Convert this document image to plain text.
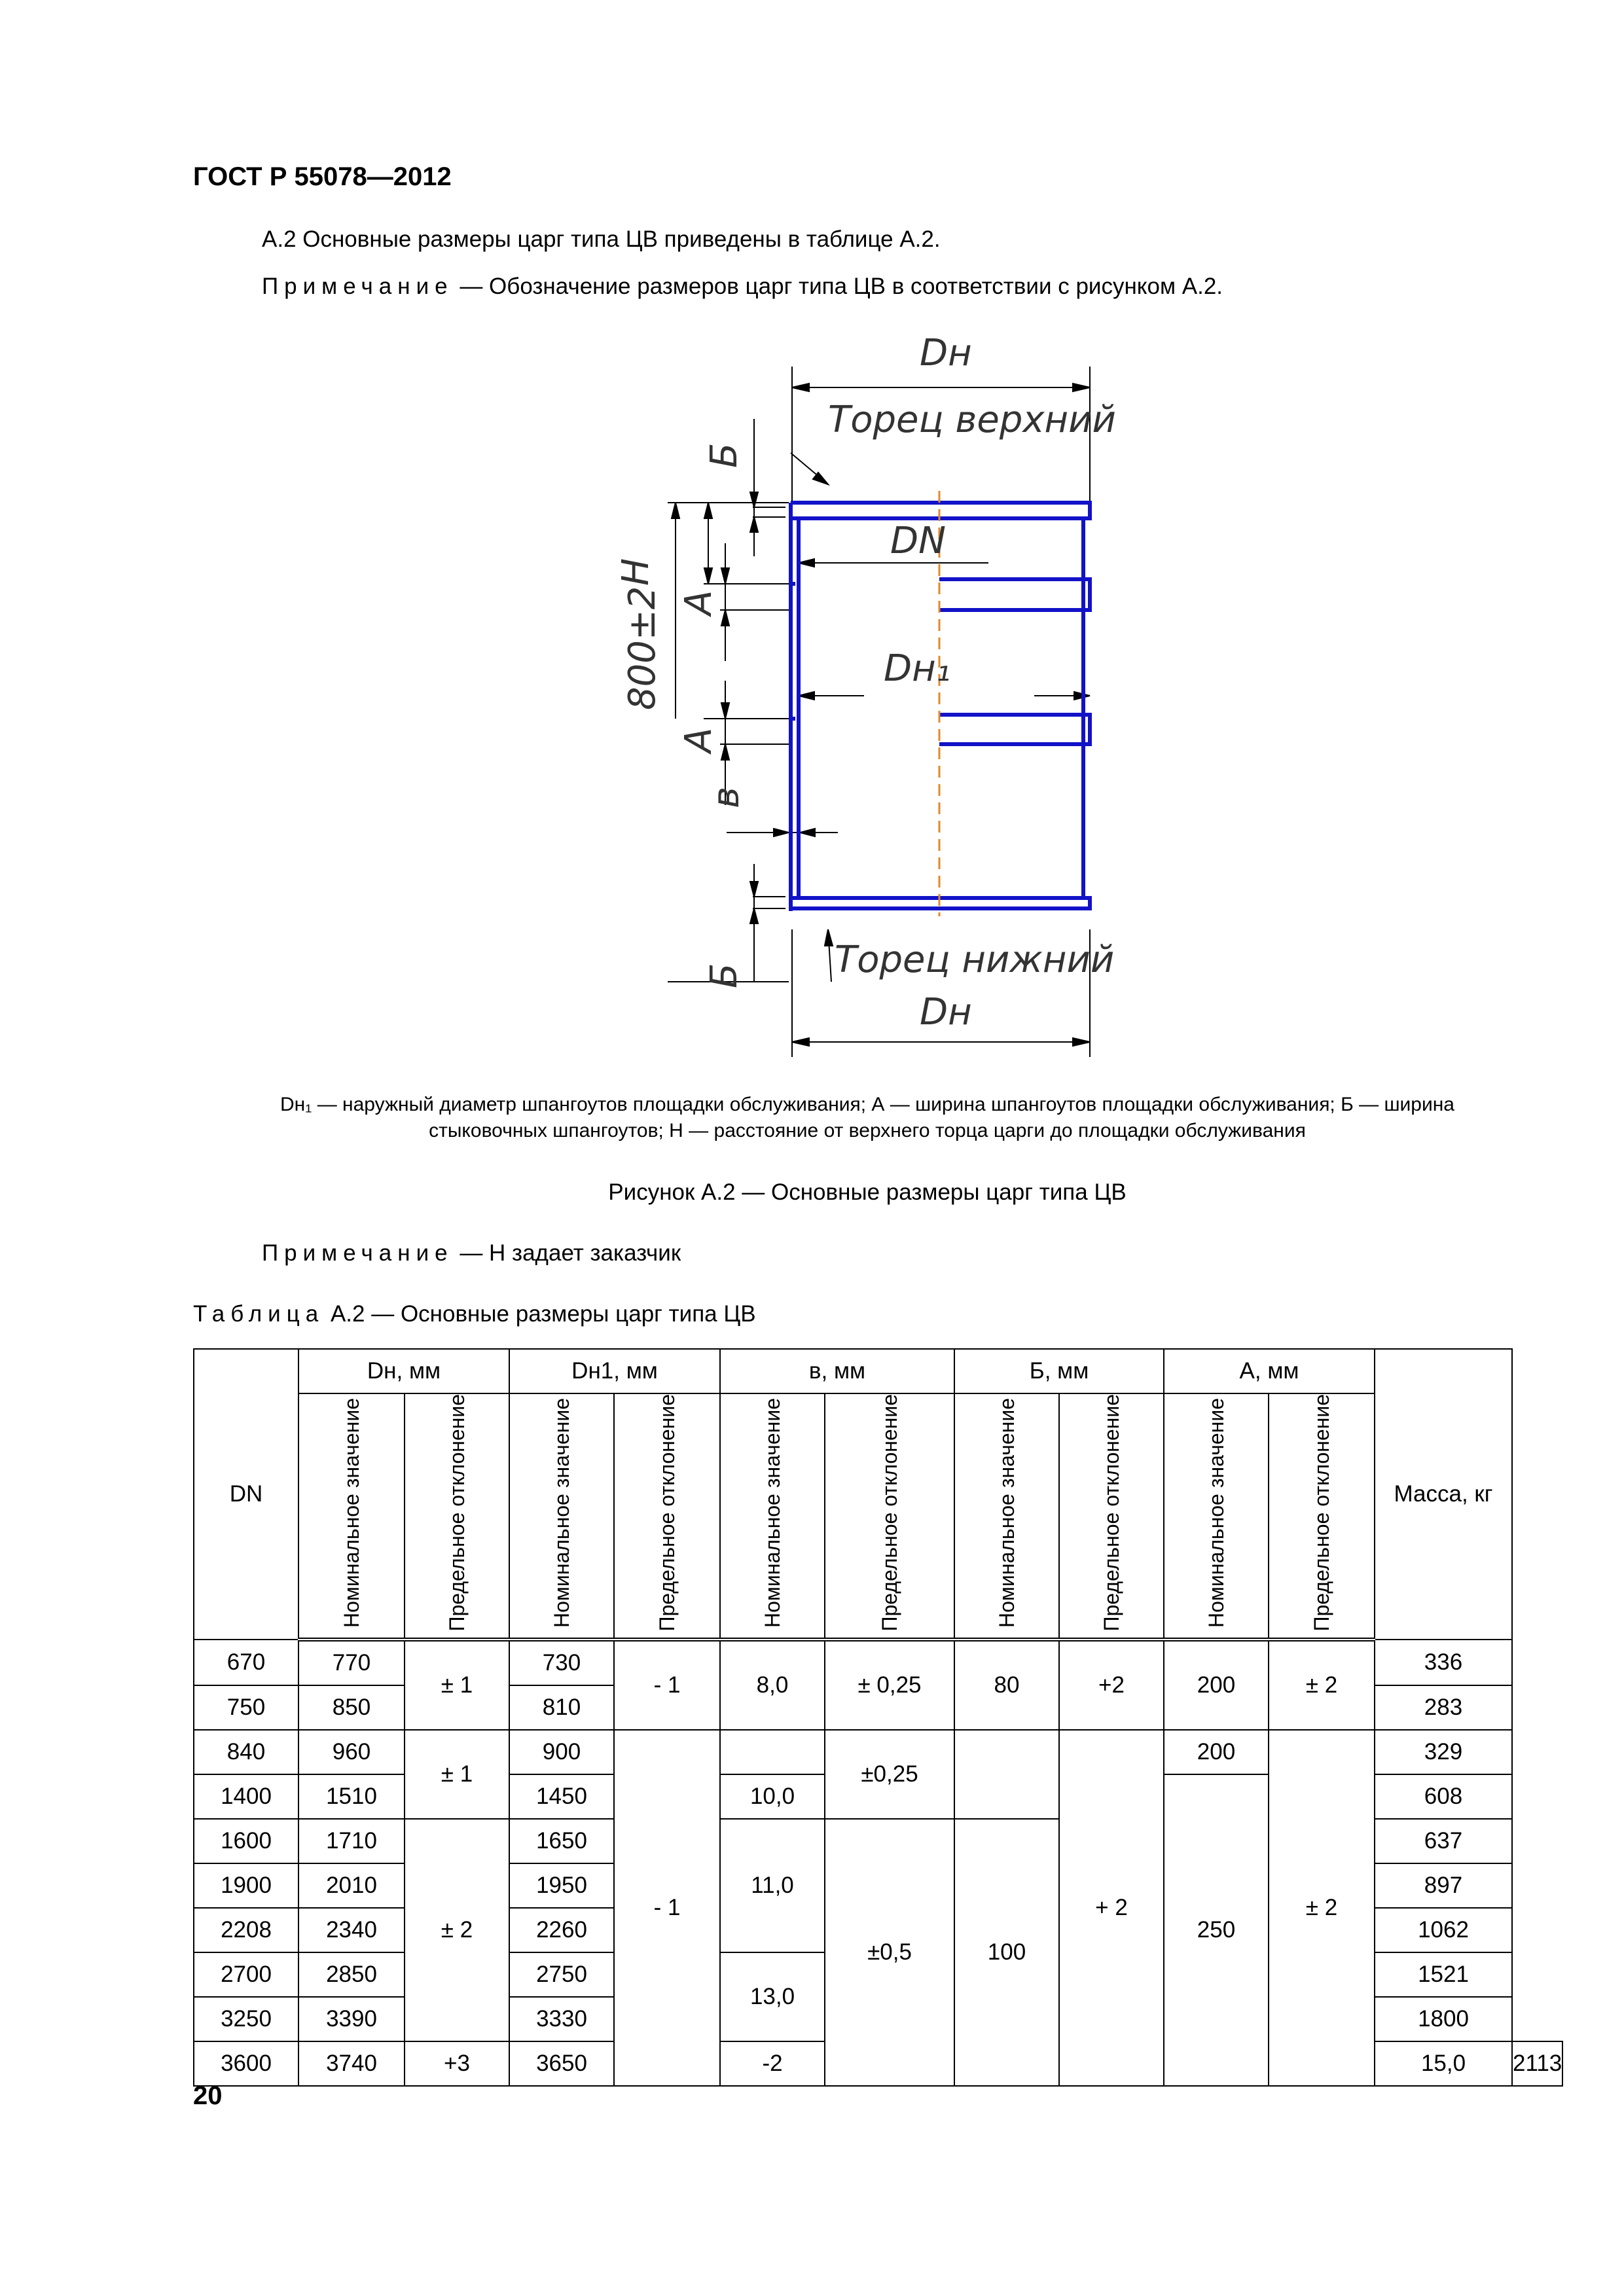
ГОСТ Р 55078—2012
А.2 Основные размеры царг типа ЦВ приведены в таблице А.2.
Примечание — Обозначение размеров царг типа ЦВ в соответствии с рисунком А.2.
Dн
Торец верхний
Б
H
DN
А
800±2	Dн₁
А
в
Б Торец нижний
Dн
Dн₁ — наружный диаметр шпангоутов площадки обслуживания; А — ширина шпангоутов площадки обслуживания; Б — ширина
стыковочных шпангоутов; Н — расстояние от верхнего торца царги до площадки обслуживания
Рисунок А.2 — Основные размеры царг типа ЦВ
Примечание — Н задает заказчик
Таблица А.2 — Основные размеры царг типа ЦВ
DN	Dн, мм		Dн1, мм		в, мм		Б, мм		А, мм		Масса, кг	
	Номинальное значение	Предельное отклонение	Номинальное значение	Предельное отклонение	Номинальное значение	Предельное отклонение	Номинальное значение	Предельное отклонение	Номинальное значение	Предельное отклонение		
670	770	± 1	730	- 1	8,0	± 0,25	80	+2	200	± 2	336	
750	850		810								283	
840	960	± 1	900	- 1		±0,25		+ 2	200	± 2	329	
1400	1510		1450		10,0				250		608	
1600	1710	± 2	1650		11,0	±0,5	100				637	
1900	2010		1950								897	
2208	2340		2260								1062	
2700	2850		2750		13,0						1521	
3250	3390		3330								1800	
3600	3740	+3	3650		-2						15,0	2113
20
